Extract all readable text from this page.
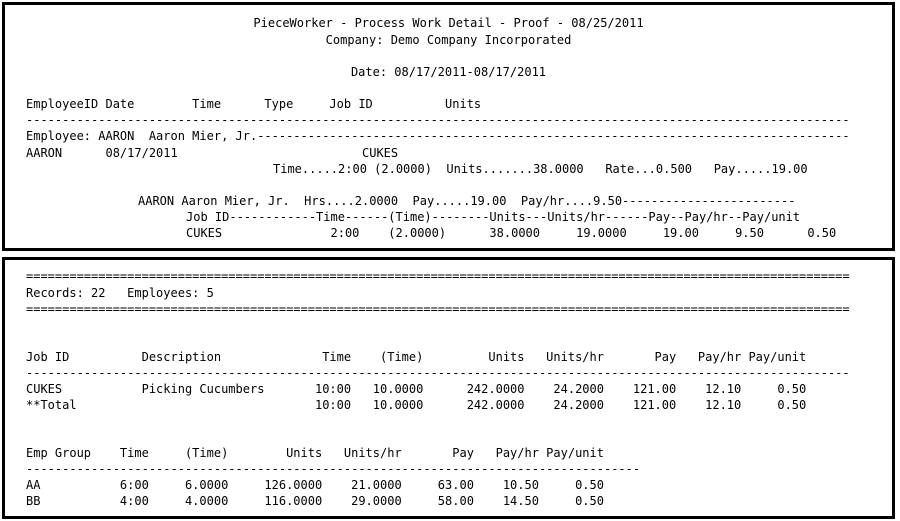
PieceWorker - Process Work Detail - Proof - 08/25/2011
Company: Demo Company Incorporated
Date: 08/17/2011-08/17/2011
EmployeeID Date        Time      Type     Job ID          Units
------------------------------------------------------------------------------------------------------------------
Employee: AARON  Aaron Mier, Jr.----------------------------------------------------------------------------------
AARON      08/17/2011	CUKES
Time.....2:00 (2.0000)  Units.......38.0000   Rate...0.500   Pay.....19.00
AARON Aaron Mier, Jr.  Hrs....2.0000  Pay.....19.00  Pay/hr....9.50------------------------
Job ID------------Time------(Time)--------Units---Units/hr------Pay--Pay/hr--Pay/unit
CUKES               2:00    (2.0000)      38.0000     19.0000     19.00     9.50      0.50
==================================================================================================================
Records: 22   Employees: 5
==================================================================================================================
Job ID          Description              Time    (Time)         Units   Units/hr       Pay   Pay/hr Pay/unit
------------------------------------------------------------------------------------------------------------------
CUKES           Picking Cucumbers       10:00   10.0000      242.0000    24.2000    121.00    12.10     0.50
**Total                                 10:00   10.0000      242.0000    24.2000    121.00    12.10     0.50
Emp Group    Time     (Time)        Units   Units/hr       Pay   Pay/hr Pay/unit
-------------------------------------------------------------------------------------
AA           6:00     6.0000     126.0000    21.0000     63.00    10.50     0.50
BB           4:00     4.0000     116.0000    29.0000     58.00    14.50     0.50
